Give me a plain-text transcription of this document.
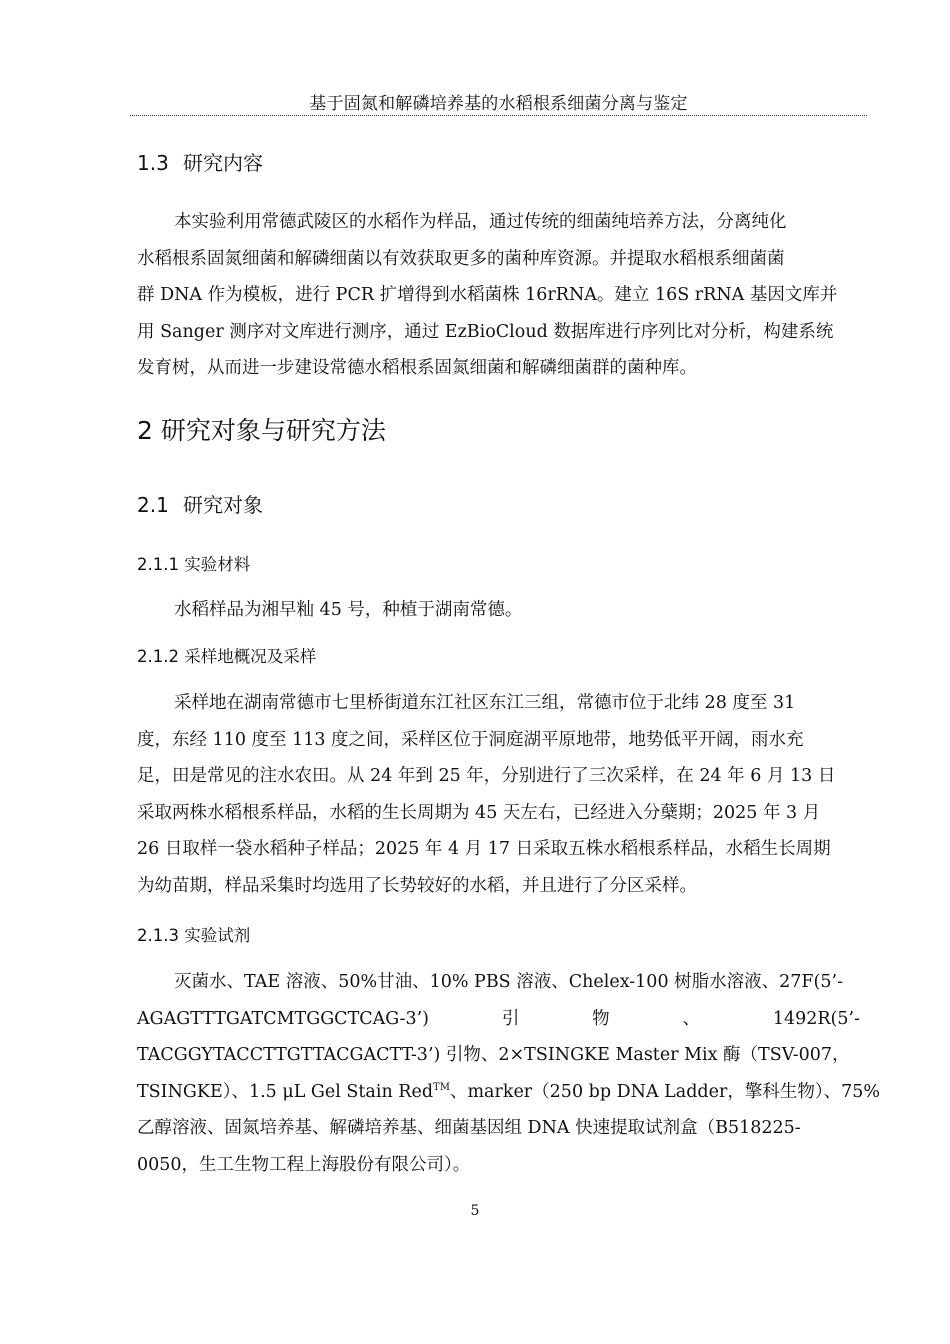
基于固氮和解磷培养基的水稻根系细菌分离与鉴定
1.3 研究内容
本实验利用常德武陵区的水稻作为样品，通过传统的细菌纯培养方法，分离纯化
水稻根系固氮细菌和解磷细菌以有效获取更多的菌种库资源。并提取水稻根系细菌菌
群 DNA 作为模板，进行 PCR 扩增得到水稻菌株 16rRNA。建立 16S rRNA 基因文库并
用 Sanger 测序对文库进行测序，通过 EzBioCloud 数据库进行序列比对分析，构建系统
发育树，从而进一步建设常德水稻根系固氮细菌和解磷细菌群的菌种库。
2 研究对象与研究方法
2.1 研究对象
2.1.1 实验材料
水稻样品为湘早籼 45 号，种植于湖南常德。
2.1.2 采样地概况及采样
采样地在湖南常德市七里桥街道东江社区东江三组，常德市位于北纬 28 度至 31
度，东经 110 度至 113 度之间，采样区位于洞庭湖平原地带，地势低平开阔，雨水充
足，田是常见的注水农田。从 24 年到 25 年，分别进行了三次采样，在 24 年 6 月 13 日
采取两株水稻根系样品，水稻的生长周期为 45 天左右，已经进入分蘖期；2025 年 3 月
26 日取样一袋水稻种子样品；2025 年 4 月 17 日采取五株水稻根系样品，水稻生长周期
为幼苗期，样品采集时均选用了长势较好的水稻，并且进行了分区采样。
2.1.3 实验试剂
灭菌水、TAE 溶液、50%甘油、10% PBS 溶液、Chelex-100 树脂水溶液、27F(5’-
AGAGTTTGATCMTGGCTCAG-3’)	引	物	、	1492R(5’-
TACGGYTACCTTGTTACGACTT-3’) 引物、2×TSINGKE Master Mix 酶（TSV-007，
TSINGKE）、1.5 μL Gel Stain Red™、marker（250 bp DNA Ladder，擎科生物）、75%
乙醇溶液、固氮培养基、解磷培养基、细菌基因组 DNA 快速提取试剂盒（B518225-
0050，生工生物工程上海股份有限公司）。
5
